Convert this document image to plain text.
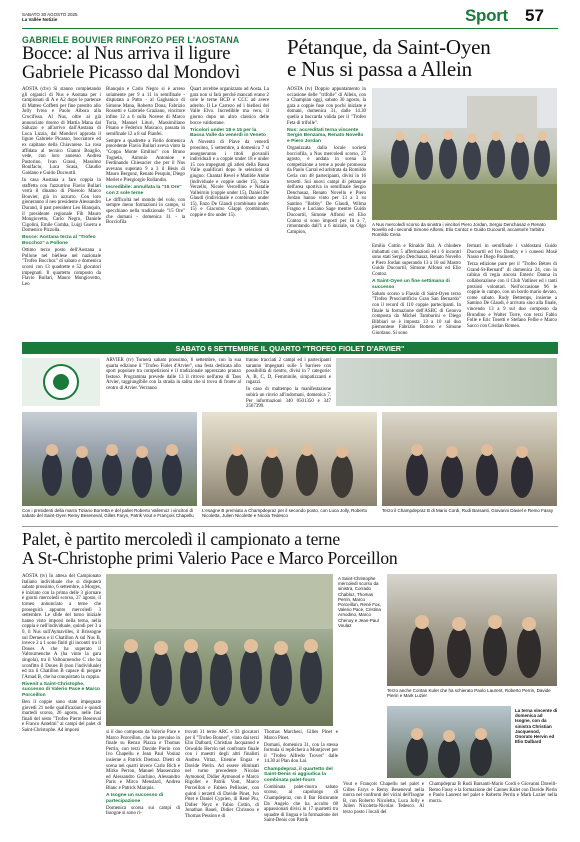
SABATO 30 AGOSTO 2025
La Vallée Notizie	Sport 57
GABRIELE BOUVIER RINFORZO PER L'AOSTANA
Bocce: al Nus arriva il ligure
Gabriele Picasso dal Mondovì

AOSTA (cbv) Si stanno completando gli organici di Nus e Aostana per i campionati di A e A2 dopo le partenze di Matteo Coffetti per fine prestito allo Jolly Ivrea e Paolo Albora alla Crocifissa. Al Nus, oltre al già annunciato ritorno di Mattia Mana dal Saluzzo e all'arrivo dall'Aostana di Luca Lizzia, dal Mondovì approda il ligure Gabriele Picasso, bocciatore ed ex capitano della Chiavarese. La rosa affidata al tecnico Gianni Boaglio, vede, con loro annesso Andrea Pastorino, Ivan Grassi, Massimo Bonifacio, Luca Scasa, Claudio Gaidano e Guido Ducourtil.

In casa Aostana a fare coppia in staffetta con l'azzurrino Flavio Bullari verrà il dinamo di Pinerolo Marco Bouvier, già in azzurro. Con loro gioneranno il neo presidente Alessandro Durand, il past president Leo Bianquin, il presidente regionale Fib Mauro Mongiovetto, Carlo Negro, Daniele Cigolini, Emile Comba, Luigi Guerra e Domenico Pizzolla.

Bocce: Aostana terza al "Trofeo Bocchoz" a Pollone

Ottimo terzo posto dell'Aostana a Pollone nel biellese nel nazionale "Trofeo Bocchoz" di sabato e domenica scorsi con 13 quadrette e 52 giocatori impegnati. Il quartetto composto da Flavio Bullari, Mauro Mongiovetto, Leo

Bianquin e Carlo Negro si è arreso solamente per 9 a 11 in semifinale - disputata a Patto - al Gaghanico di Simone Mana, Roberto Dona, Fabrizio Rossetti e Gabriele Graziano, vincitore infine 12 a 6 sulla Novese di Marco Toria, Manuel Lituri, Massimiliano Pisano e Federico Mascaco, passata in semifinale 12 a 8 sul Pianfei.

Sempre a quadrette a Fiello domenica precedente Flavio Bullari aveva vinto la "Coppa Monte Emilius" con Bruno Tognela, Antonio Antonioe e Ferdinando Chiesacier che per il Nus avevano superato 9 a 3 il Bèsis di Mauro Bergonz, Renato Pesquin, Diego Merlet e Piergiorgio Rollandin.

Incredibile: annullata la "15 Ore" con 2 sole terne

Le difficoltà nel mondo del volo, con sempre meno formazioni in campo, si specchiano nella tradizionale "15 Ore" che domani - domenica 31 - la Bocciofila

Quart avrebbe organizzato ad Aosta. La gara non si farà perché mancati erano 2 sole le terne BCD e CCC ad avere aderito. Il Le Carrezo ed i biellesi del Valle Elvo. Incredibile ma vero, il giorno dopo un altro classico delle bocce valdostane.

Tricolori under 18 e 15 per la Bassa Valle da venerdì in Veneto

A Novento di Piave da venerdì prossimo, 5 settembre, a domenica 7 si assegneranno i titoli giovanili individuali e a coppie under 18 e under 15 con impegnati gli atleti della Bassa Valle qualificati dopo le selezioni di giugno: Chantal Revel e Matilde Amhe (individuale e coppie under 15), Sara Verzello, Nicole Vercellino e Natalie Valleirnin (coppie under 15), Daniel De Glaudi (individuale e combinato under 15), Enzo De Glaudi (combinato under 15) e Giacomo Glappi (combinato, coppie e tiro under 15).

Pétanque, da Saint-Oyen
e Nus si passa a Allein

AOSTA (tv) Doppio appuntamento in occasione delle "trifolle" di Allein, con a Champlan oggi, sabato 30 agosto, la gara a coppie fuse con pochi iniziate e domani, domenica 31, dalle 14.30 quella a baccarda valida per il "Trofeo Feta di trifolle".

Nus: accreditati terna vincente Sergio Benzama, Renato Novello e Piero Jordan

Organizzata dalla locale società bocciofila, a Nus mercoledì scorso, 27 agosto, è andata in scena la competizione a terne a poule promossa da Paolo Carral ed arbitrata da Romildo Ceria con 48 partecipanti, divisi in 16 terzetti. Sui nuovi campi di pétanque dell'area sportiva in semifinale Sergio Denchasaz, Renato Novello e Piero Jordan hanno vinto per 13 a 3 su Santino "Bobby" De Glaudi, Wilma Fragno e Luciano Sage mentre Guido Ducourtil, Simone Alfonsi ed Elio Contoz si sono imposti per 10 a 7, rimontando dall'1 a 6 iniziale, su Olgo Campion,

A Nus mercoledì scorso da sinistra i vincitori Piero Jordan, Sergio Denchasaz e Renato Novello ed i secondi Simone Alfonsi, Elio Contoz e Guido Ducourtil, accanto/re l'arbitro Romildo Ceria

Emilio Cottin e Rinaldo Bal. A chiudere imbattuti con 5 affermazioni ed i 6 incontri sono stati Sergio Denchasaz, Renato Novello e Piero Jordan superando 13 a 10 sul Mastro Guido Ducourtil, Simone Alfonsi ed Elio Contoz.

A Saint-Oyen un fine settimana di successo

Sabato scorso a Flassin di Saint-Oyen terzo "Trofeo Prosciuttificio Gran San Bernardo" con il record di 110 coppie partecipanti. In finale la formazione dell'ASBC di Genova composta da Michel Tamburini e Diego Bibbiari se è imposta 13 a 10 sul duo piemontese Fabrizio Bottero e Simone Giordano. Si sono

fermati in semifinale i valdostani Guido Ducourtil ed Ivo Daudry e i cuneesi Mosè Nasso e Diego Pasinetti.

Terza edizione pure per il "Trofeo Bètres di Grand-St-Bernard" di domenica 24, con in cabina di regia ancora Emeric Danna in collaborazione con il Club Vatliner ed i tanti preziosi volontari. Nell'occasione 96 le coppie in campo, con un bordo mario devato, come sabato. Rudy Bettemps, insieme a Santino De Glaudi, è arrivato sino alla finale, vincendo 13 a 9 sul duo composto da Brundino e Walter Torre, con terzi Fabio Folle e Eric Tosetti e Stefano Fellie e Marco Sacco con Cristian Romeo.

SABATO 6 SETTEMBRE IL QUARTO "TROFEO FIOLET D'ARVIER"

ARVIER (tv) Tornerà sabato prossimo, 6 settembre, con la sua quarta edizione il "Trofeo Fiolet d'Arvier", una festa dedicata allo sport popolare tra competizioni e il tradizionale apprezzato pranzo festoso. Programma prevede dalle 13 il ritrovo nell'area di Taos Arvier, raggiungibile con la strada in salita che si trova di fronte al centro di Arvier. Verranno

tranno tracciati 2 campi ed i partecipanti saranno impegnati sulle 5 barriere con possibilità di rientro, divisi in 7 categorie: A, B, C, D, Femminile, simpatizzanti e ragazzi.

In caso di maltempo la manifestazione subirà un rinvio all'indomani, domenica 7. Per informazioni 340 0501350 e 347 2567399.

Con i presidenti della marra Tiziano Borretta e del paliet Roberto Vallemoz i vincitori di sabato del Saint-Oyen Remy Beseneval, Gilles Farys, Patrik Vout e François Chapellu
L'esagne B premiato a Champdepraz per il secondo posto, con Luca Jolly, Roberto Nicoletta, Julien Nicolette e Nicola Tedesco
Terzo il Champdepraz B di Mario Cordi, Rudi Barsanti, Giovanni Daviel e Remo Fassy
Palet, è partito mercoledì il campionato a terne
A St-Christophe primi Valerio Pace e Marco Porceillon

AOSTA (tv) In attesa del Campionato Italiano individuale che si disputerà sabato prossimo, 6 settembre, a Morges, è iniziato con la prima delle 3 giornare e giorni mercoledì scorso, 27 agosto, il torneo annunciato a terne che proseguirà appunto mercoledì 3 settembre. Le sfide del turno iniziale hanno visto imporsi nella terna, nella coppia e nell'individuale, quindi per 3 a 0, il Nus sull'Aymavilles, il Brissogne sul Derneus e il Chatillon A sul Nus B, invece 2 a 1 sono finiti gli incontri tra il Doues A che ha superato il Valtournenche A (ha vinto la gara singola), tra il Valtournenche C che ha sconfitto il Doues B (non l'individuale) ed tra il Chatillon B capace di piegare l'Arnad B, che ha conquistato la coppia.

Rivenit a Saint-Christophe, successo di Valerio Pace e Marco Porceillon

Ben il coppie sono state impegnate giovedì 21 nelle qualificazioni e quindi martedì scorso, 26 agosto, nelle fasi finali del sesto "Trofeo Pierre Besenval e Franco Antelmi" ai campi del palet di Saint-Christophe. Ad imporsi

A Saint-Christophe mercoledì scorso da sinistra, Corrado Chabloz, Thomas Perrin, Marco Porceillon, René Fox, Valerio Pace, Cristina Arnodino, Marco Chenoy e Jean-Paul Voulaz
Terzo anche Contan Kulet che ha schierato Paolo Laurent, Roberto Perrin, Davide Pierin e Mark Luzier
La terna vincente di domenica ad Isogne, con da sinistra Christian Jacquenod, Onorato Hervin ed Elio Dalbard

si il duo composto da Valerio Pace e Marco Porceillon, che ha prevalso in finale su Renzo Piazza e Thomas Perrin, con terzi Davide Pierin con Ivo Chapellu e Jean Paul Voulaz insieme a Patrick Dietnoz. Dietti di scena nei quarti invece Carlo Bich e Mirko Perron, Manuel Massenzino ed Alessandro Giachino, Alessandro Paris e Mirco Menslard, Andrea Blanc e Patrick Marquis.

A Isogne un successo di partecipazione

Domenica scorsa sui campi di Issogne si sono ri-

trovati 31 terne ARC e 93 giocatori per il "Trofeo Bonner", vinto dai terzi Elio Dalbard, Christian Jacquanod e Oswaldo Hervin nel confronto finale con i maestri degli altri finalisti Andrea Vittaz, Etienne Engaz e Davide Pierin. Ad essere eliminati nel turno precedente Nicolas Aymonod, Didier Aymonod e Marco Rigollet e Patrik Vout, Marco Porceillon e Fabien Pellissier, con quinti i terzetti di Davide Pinet, Ivo Pitet e Daniel Cyprien, di René Piu, Didier Neyz e Fabio Cottin, di Jonathan Bauel, Didier Chrisnou e Thomas Pession e di

Thomas Marchesi, Gilles Pinet e Marco Pinet.

Domani, domenica 31, con la stessa formula si replicherà a Montjovet per il "Trofeo Alfredo Troves" dalle 14.30 al Plan dou Lai.

Champdepraz, il quartetto del Saint-Denis si aggiudica la combinata palet-fours

Combinata palet-murra sabato scorso, al capoluogo di Champdepraz, con il Bar Ristorante Da Angelo che ha accolto 68 appassionati divisi in 17 quartetti tra squadre di lingua e la formazione del Saint-Denis con Patrik

Vout e François Chapellu nel palet e Gilles Farys e Remy Beseneval nella morra nel confronti del vicini dell'Isogne B, con Roberto Nicoletta, Luca Jolly e Julien Nicoletta-Nicolas Tedesco. Al terzo posto i locali del

Champdepraz B Rudi Barsanti-Mario Cordi e Giovanni Daveili-Remo Fassy e la formazione del Cannes Kulet con Davide Pierin e Paolo Laurent nel palet e Roberto Perrin e Mark Luzier nella morra.
